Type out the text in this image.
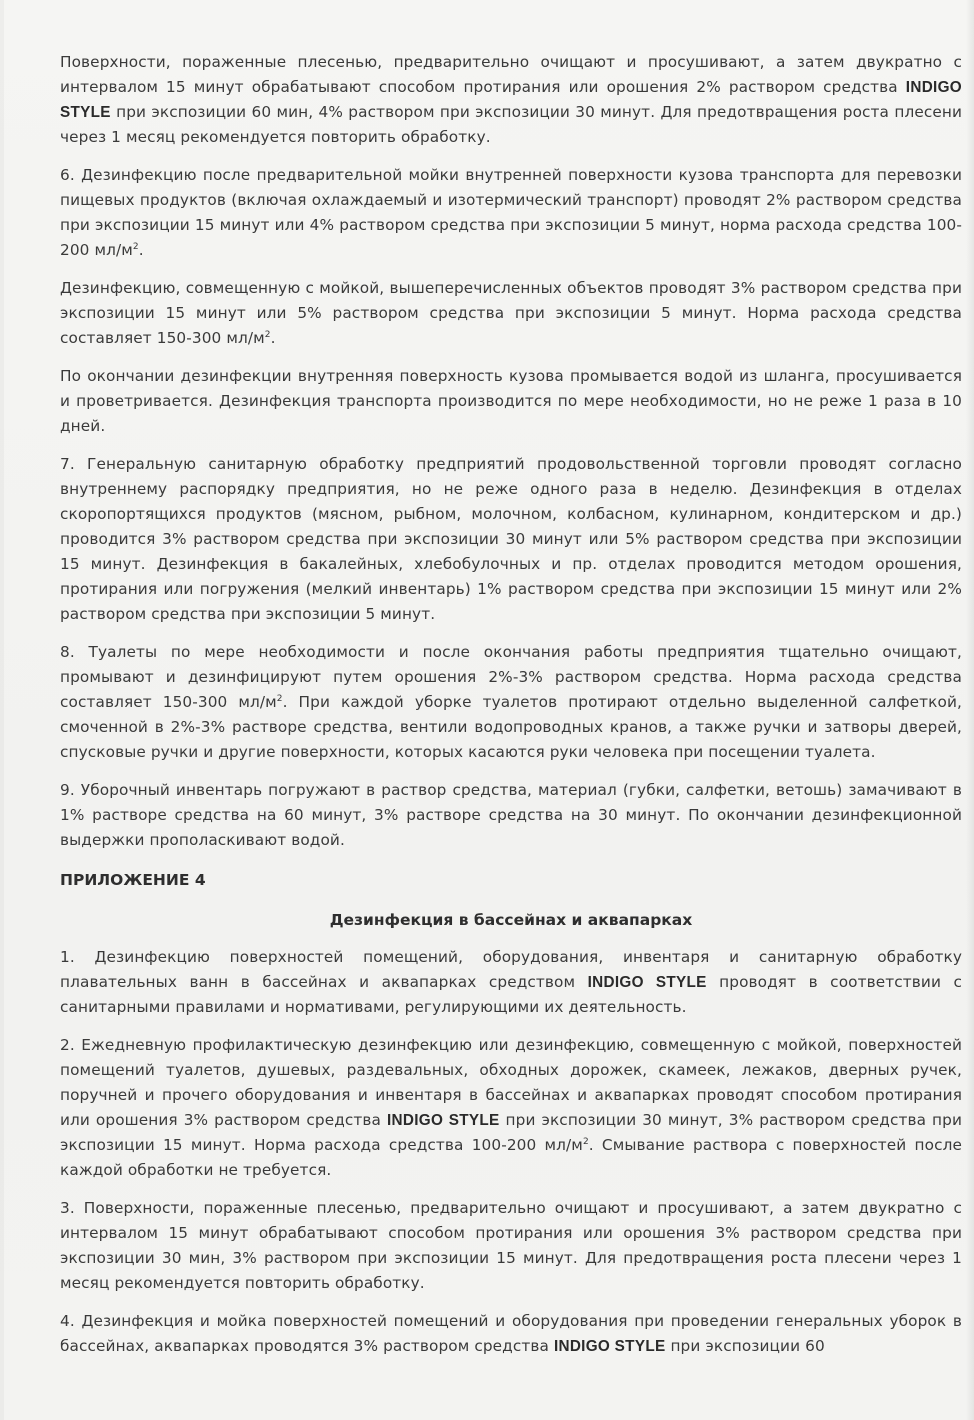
Поверхности, пораженные плесенью, предварительно очищают и просушивают, а затем двукратно с интервалом 15 минут обрабатывают способом протирания или орошения 2% раствором средства INDIGO STYLE при экспозиции 60 мин, 4% раствором при экспозиции 30 минут. Для предотвращения роста плесени через 1 месяц рекомендуется повторить обработку.

6. Дезинфекцию после предварительной мойки внутренней поверхности кузова транспорта для перевозки пищевых продуктов (включая охлаждаемый и изотермический транспорт) проводят 2% раствором средства при экспозиции 15 минут или 4% раствором средства при экспозиции 5 минут, норма расхода средства 100-200 $мл/м^2$.

Дезинфекцию, совмещенную с мойкой, вышеперечисленных объектов проводят 3% раствором средства при экспозиции 15 минут или 5% раствором средства при экспозиции 5 минут. Норма расхода средства составляет 150-300 $мл/м^2$.

По окончании дезинфекции внутренняя поверхность кузова промывается водой из шланга, просушивается и проветривается. Дезинфекция транспорта производится по мере необходимости, но не реже 1 раза в 10 дней.

7. Генеральную санитарную обработку предприятий продовольственной торговли проводят согласно внутреннему распорядку предприятия, но не реже одного раза в неделю. Дезинфекция в отделах скоропортящихся продуктов (мясном, рыбном, молочном, колбасном, кулинарном, кондитерском и др.) проводится 3% раствором средства при экспозиции 30 минут или 5% раствором средства при экспозиции 15 минут. Дезинфекция в бакалейных, хлебобулочных и пр. отделах проводится методом орошения, протирания или погружения (мелкий инвентарь) 1% раствором средства при экспозиции 15 минут или 2% раствором средства при экспозиции 5 минут.

8. Туалеты по мере необходимости и после окончания работы предприятия тщательно очищают, промывают и дезинфицируют путем орошения 2%-3% раствором средства. Норма расхода средства составляет 150-300 $мл/м^2$. При каждой уборке туалетов протирают отдельно выделенной салфеткой, смоченной в 2%-3% растворе средства, вентили водопроводных кранов, а также ручки и затворы дверей, спусковые ручки и другие поверхности, которых касаются руки человека при посещении туалета.

9. Уборочный инвентарь погружают в раствор средства, материал (губки, салфетки, ветошь) замачивают в 1% растворе средства на 60 минут, 3% растворе средства на 30 минут. По окончании дезинфекционной выдержки прополаскивают водой.

ПРИЛОЖЕНИЕ 4
Дезинфекция в бассейнах и аквапарках

1. Дезинфекцию поверхностей помещений, оборудования, инвентаря и санитарную обработку плавательных ванн в бассейнах и аквапарках средством INDIGO STYLE проводят в соответствии с санитарными правилами и нормативами, регулирующими их деятельность.

2. Ежедневную профилактическую дезинфекцию или дезинфекцию, совмещенную с мойкой, поверхностей помещений туалетов, душевых, раздевальных, обходных дорожек, скамеек, лежаков, дверных ручек, поручней и прочего оборудования и инвентаря в бассейнах и аквапарках проводят способом протирания или орошения 3% раствором средства INDIGO STYLE при экспозиции 30 минут, 3% раствором средства при экспозиции 15 минут. Норма расхода средства 100-200 $мл/м^2$. Смывание раствора с поверхностей после каждой обработки не требуется.

3. Поверхности, пораженные плесенью, предварительно очищают и просушивают, а затем двукратно с интервалом 15 минут обрабатывают способом протирания или орошения 3% раствором средства при экспозиции 30 мин, 3% раствором при экспозиции 15 минут. Для предотвращения роста плесени через 1 месяц рекомендуется повторить обработку.

4. Дезинфекция и мойка поверхностей помещений и оборудования при проведении генеральных уборок в бассейнах, аквапарках проводятся 3% раствором средства INDIGO STYLE при экспозиции 60
